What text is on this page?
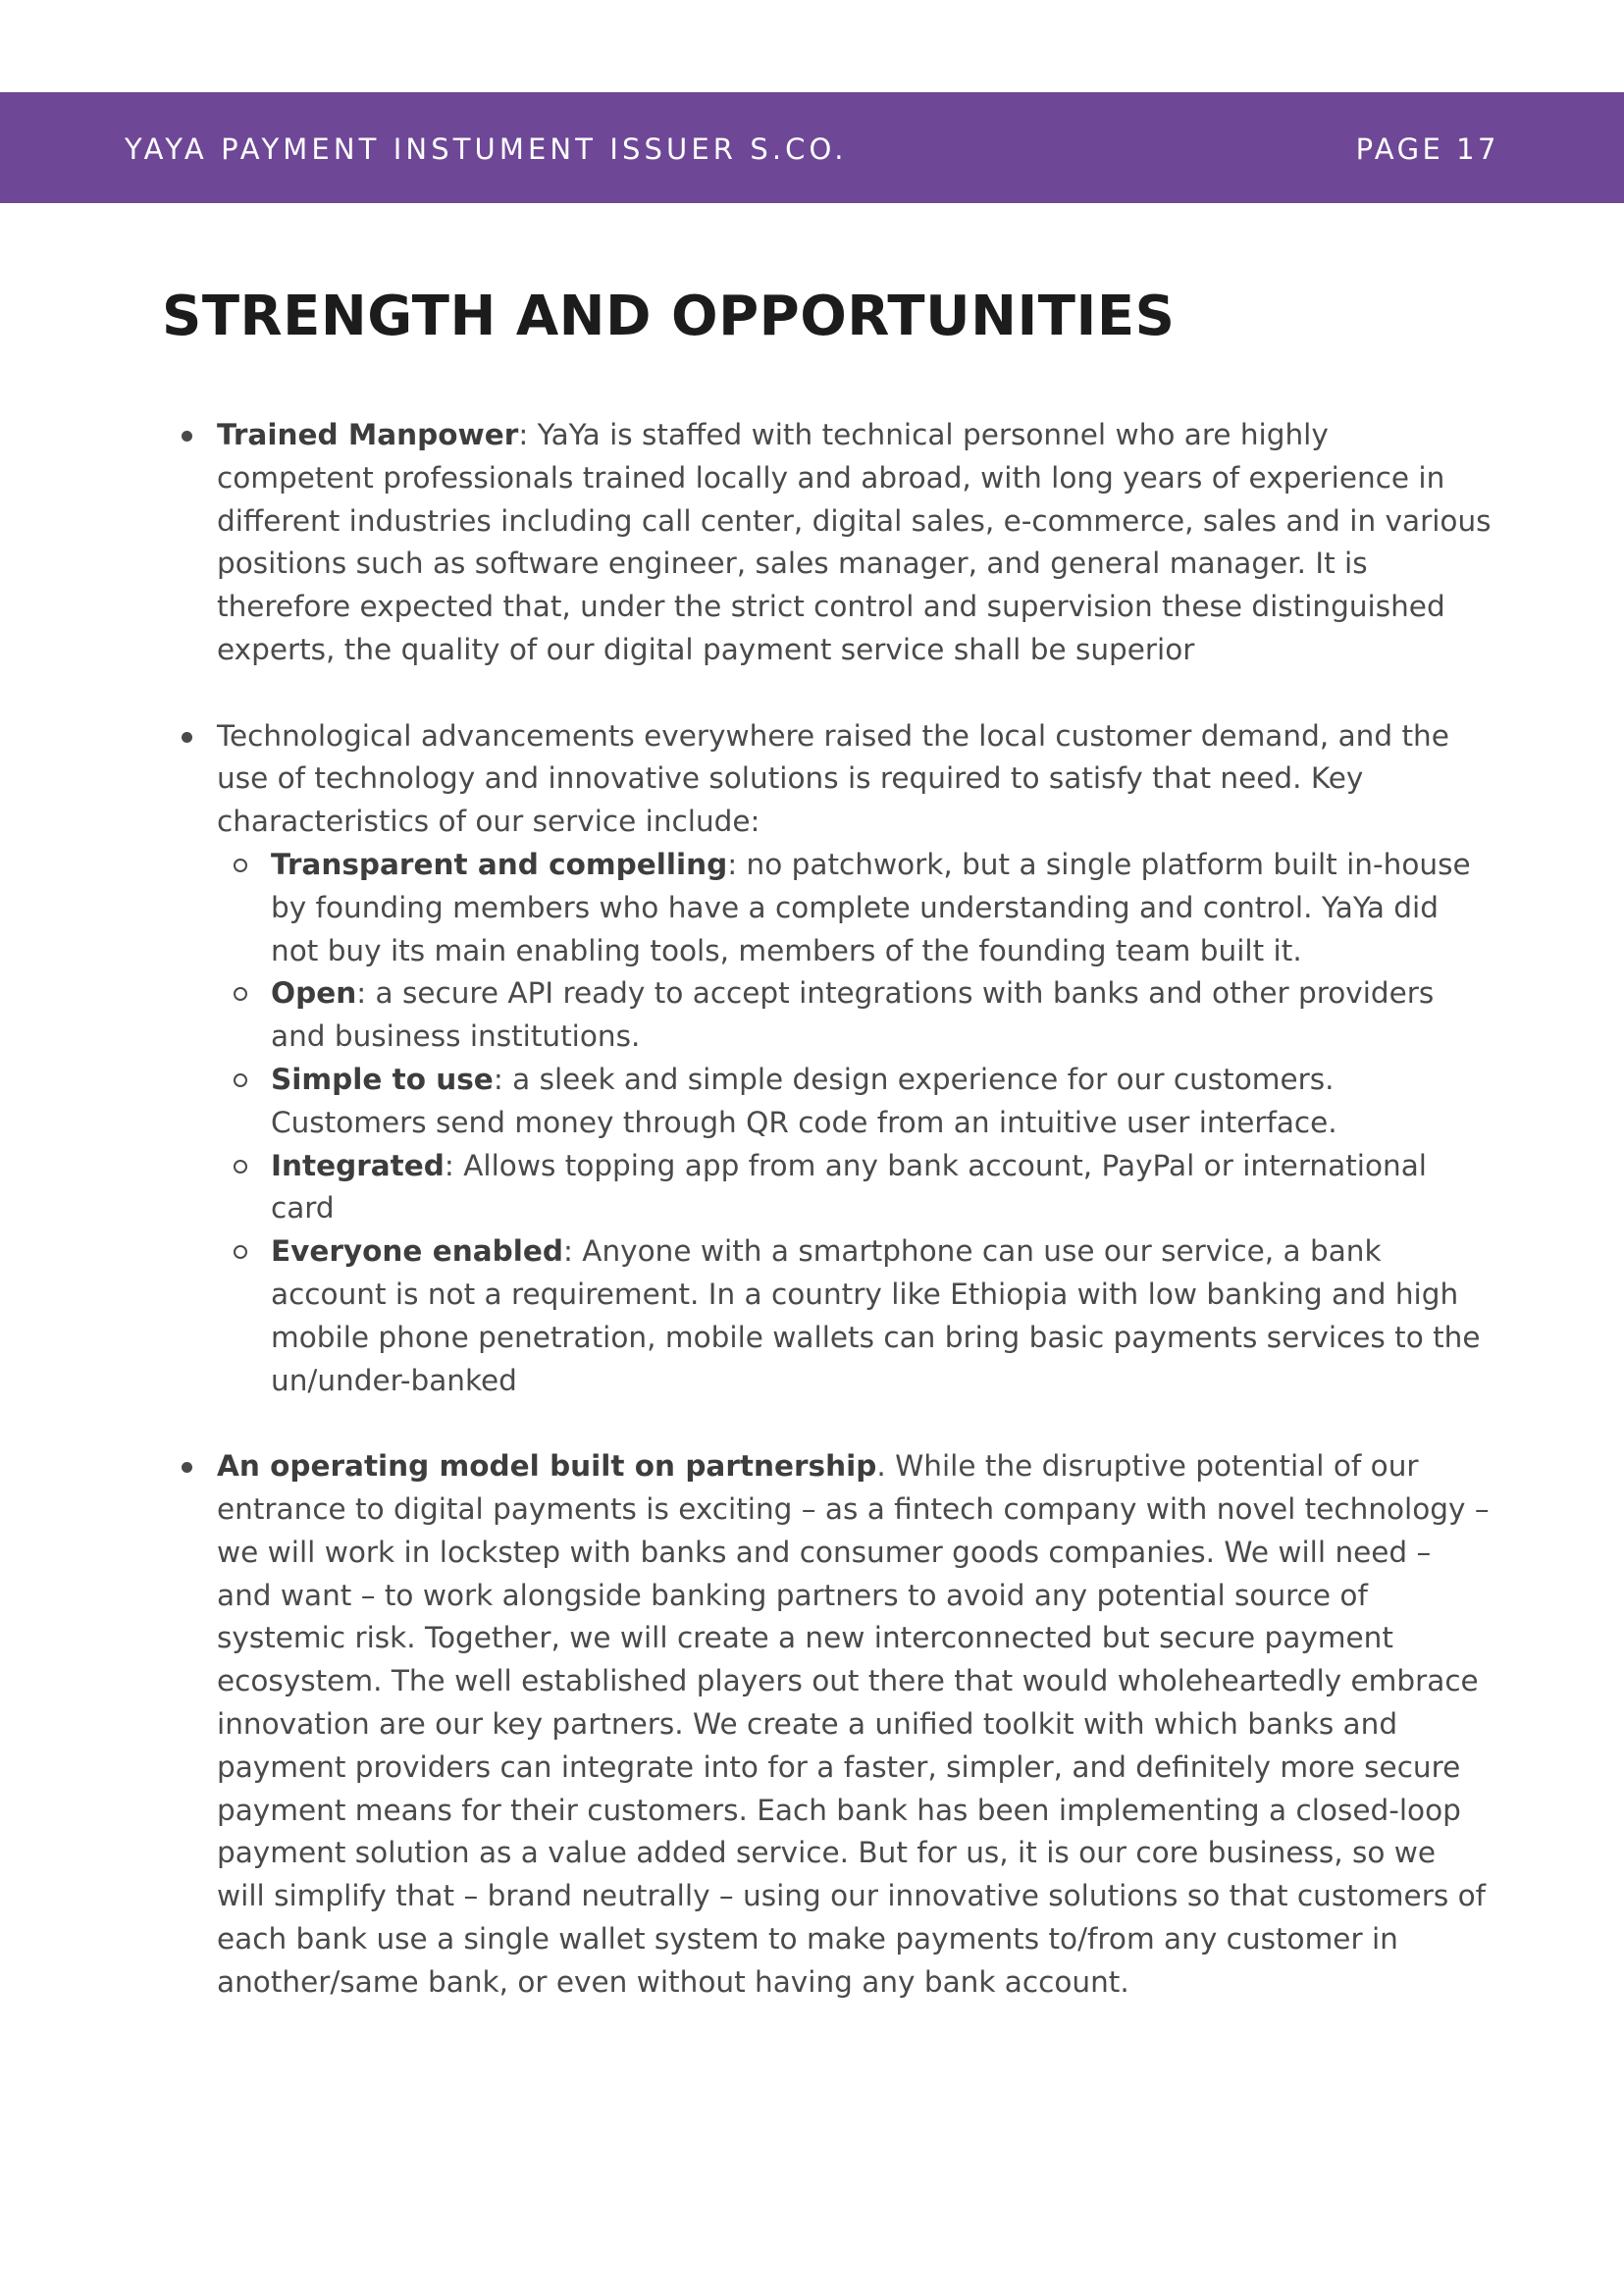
YAYA PAYMENT INSTUMENT ISSUER S.CO.	PAGE 17
STRENGTH AND OPPORTUNITIES
Trained Manpower: YaYa is staffed with technical personnel who are highly competent professionals trained locally and abroad, with long years of experience in different industries including call center, digital sales, e-commerce, sales and in various positions such as software engineer, sales manager, and general manager. It is therefore expected that, under the strict control and supervision these distinguished experts, the quality of our digital payment service shall be superior
Technological advancements everywhere raised the local customer demand, and the use of technology and innovative solutions is required to satisfy that need. Key characteristics of our service include:
Transparent and compelling: no patchwork, but a single platform built in-house by founding members who have a complete understanding and control. YaYa did not buy its main enabling tools, members of the founding team built it.
Open: a secure API ready to accept integrations with banks and other providers and business institutions.
Simple to use: a sleek and simple design experience for our customers. Customers send money through QR code from an intuitive user interface.
Integrated: Allows topping app from any bank account, PayPal or international card
Everyone enabled: Anyone with a smartphone can use our service, a bank account is not a requirement. In a country like Ethiopia with low banking and high mobile phone penetration, mobile wallets can bring basic payments services to the un/under-banked
An operating model built on partnership. While the disruptive potential of our entrance to digital payments is exciting – as a fintech company with novel technology – we will work in lockstep with banks and consumer goods companies. We will need – and want – to work alongside banking partners to avoid any potential source of systemic risk. Together, we will create a new interconnected but secure payment ecosystem. The well established players out there that would wholeheartedly embrace innovation are our key partners. We create a unified toolkit with which banks and payment providers can integrate into for a faster, simpler, and definitely more secure payment means for their customers. Each bank has been implementing a closed-loop payment solution as a value added service. But for us, it is our core business, so we will simplify that – brand neutrally – using our innovative solutions so that customers of each bank use a single wallet system to make payments to/from any customer in another/same bank, or even without having any bank account.
